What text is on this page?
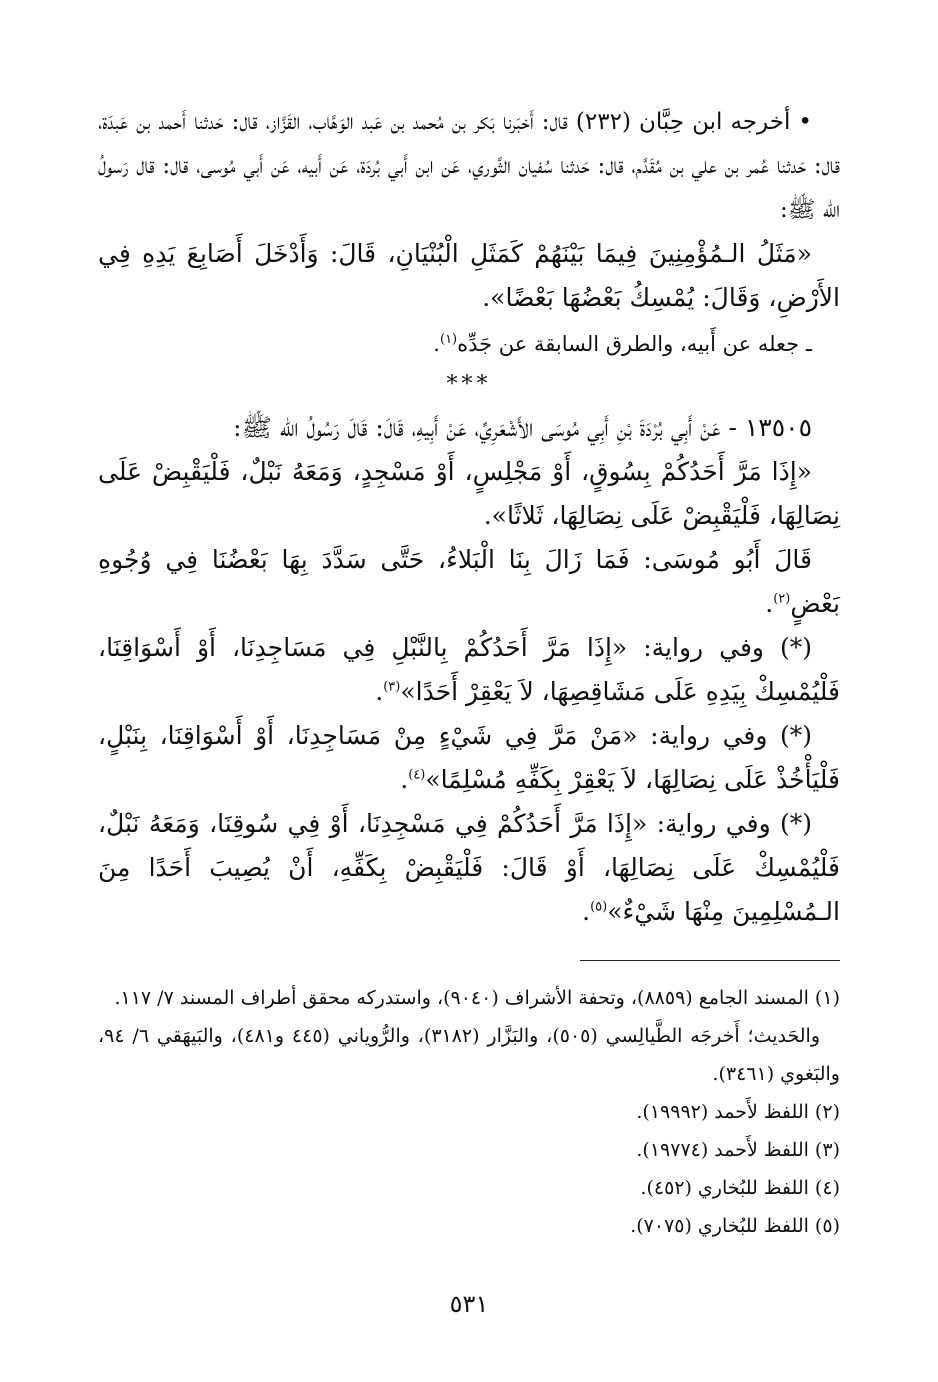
• أخرجه ابن حِبَّان (٢٣٢) قال: أَخبَرنا بَكر بن مُحمد بن عَبد الوَهَّاب، القَزَّاز، قال: حَدثنا أَحمد بن عَبدَة، قال: حَدثنا عُمر بن علي بن مُقَدَّم، قال: حَدثنا سُفيان الثَّوري، عَن ابن أَبي بُردَة، عَن أَبيه، عَن أَبي مُوسى، قال: قال رَسولُ الله ﷺ:

«مَثَلُ الـمُؤْمِنِينَ فِيمَا بَيْنَهُمْ كَمَثَلِ الْبُنْيَانِ، قَالَ: وَأَدْخَلَ أَصَابِعَ يَدِهِ فِي الأَرْضِ، وَقَالَ: يُمْسِكُ بَعْضُهَا بَعْضًا».

ـ جعله عن أَبيه، والطرق السابقة عن جَدِّه$^{(١)}$.

***

١٣٥٠٥ - عَنْ أَبِي بُرْدَةَ بْنِ أَبِي مُوسَى الأَشْعَرِيِّ، عَنْ أَبِيهِ، قَالَ: قَالَ رَسُولُ الله ﷺ:

«إِذَا مَرَّ أَحَدُكُمْ بِسُوقٍ، أَوْ مَجْلِسٍ، أَوْ مَسْجِدٍ، وَمَعَهُ نَبْلٌ، فَلْيَقْبِضْ عَلَى نِصَالِهَا، فَلْيَقْبِضْ عَلَى نِصَالِهَا، ثَلاثًا».

قَالَ أَبُو مُوسَى: فَمَا زَالَ بِنَا الْبَلاءُ، حَتَّى سَدَّدَ بِهَا بَعْضُنَا فِي وُجُوهِ بَعْضٍ$^{(٢)}$.

(*) وفي رواية: «إِذَا مَرَّ أَحَدُكُمْ بِالنَّبْلِ فِي مَسَاجِدِنَا، أَوْ أَسْوَاقِنَا، فَلْيُمْسِكْ بِيَدِهِ عَلَى مَشَاقِصِهَا، لاَ يَعْقِرْ أَحَدًا»$^{(٣)}$.

(*) وفي رواية: «مَنْ مَرَّ فِي شَيْءٍ مِنْ مَسَاجِدِنَا، أَوْ أَسْوَاقِنَا، بِنَبْلٍ، فَلْيَأْخُذْ عَلَى نِصَالِهَا، لاَ يَعْقِرْ بِكَفِّهِ مُسْلِمًا»$^{(٤)}$.

(*) وفي رواية: «إِذَا مَرَّ أَحَدُكُمْ فِي مَسْجِدِنَا، أَوْ فِي سُوقِنَا، وَمَعَهُ نَبْلٌ، فَلْيُمْسِكْ عَلَى نِصَالِهَا، أَوْ قَالَ: فَلْيَقْبِضْ بِكَفِّهِ، أَنْ يُصِيبَ أَحَدًا مِنَ الـمُسْلِمِينَ مِنْهَا شَيْءٌ»$^{(٥)}$.

(١) المسند الجامع (٨٨٥٩)، وتحفة الأشراف (٩٠٤٠)، واستدركه محقق أطراف المسند ٧/ ١١٧.

والحَديث؛ أَخرجَه الطَّيالِسي (٥٠٥)، والبَزَّار (٣١٨٢)، والرُّوياني (٤٤٥ و٤٨١)، والبَيهَقي ٦/ ٩٤، والبَغوي (٣٤٦١).

(٢) اللفظ لأَحمد (١٩٩٩٢).

(٣) اللفظ لأَحمد (١٩٧٧٤).

(٤) اللفظ للبُخاري (٤٥٢).

(٥) اللفظ للبُخاري (٧٠٧٥).

٥٣١
